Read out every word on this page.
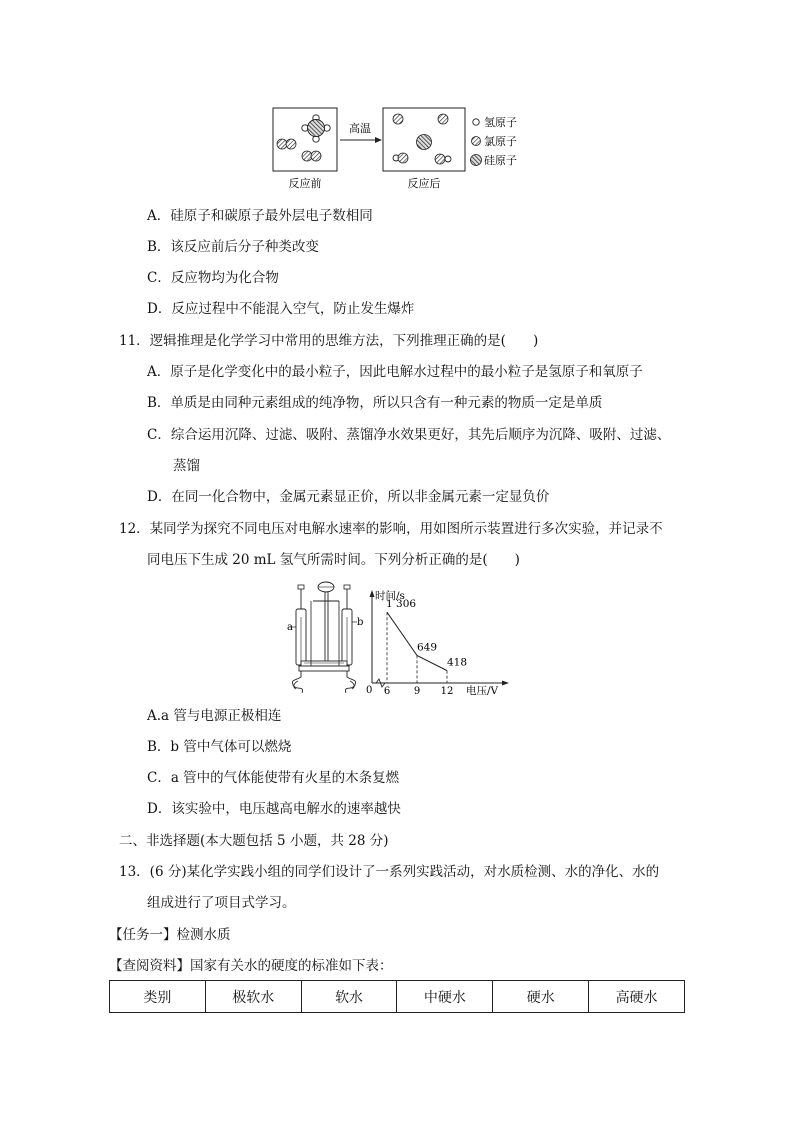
反应前
高温
反应后
氢原子
氯原子
硅原子
A．硅原子和碳原子最外层电子数相同
B．该反应前后分子种类改变
C．反应物均为化合物
D．反应过程中不能混入空气，防止发生爆炸
11．逻辑推理是化学学习中常用的思维方法，下列推理正确的是(　　)
A．原子是化学变化中的最小粒子，因此电解水过程中的最小粒子是氢原子和氧原子
B．单质是由同种元素组成的纯净物，所以只含有一种元素的物质一定是单质
C．综合运用沉降、过滤、吸附、蒸馏净水效果更好，其先后顺序为沉降、吸附、过滤、
蒸馏
D．在同一化合物中，金属元素显正价，所以非金属元素一定显负价
12．某同学为探究不同电压对电解水速率的影响，用如图所示装置进行多次实验，并记录不
同电压下生成 20 mL 氢气所需时间。下列分析正确的是(　　)
a	b
时间/s
电压/V
0 6
1 306
9
649
12
418
A.a 管与电源正极相连
B．b 管中气体可以燃烧
C．a 管中的气体能使带有火星的木条复燃
D．该实验中，电压越高电解水的速率越快
二、非选择题(本大题包括 5 小题，共 28 分)
13．(6 分)某化学实践小组的同学们设计了一系列实践活动，对水质检测、水的净化、水的
组成进行了项目式学习。
【任务一】检测水质
【查阅资料】国家有关水的硬度的标准如下表：
类别	极软水	软水	中硬水	硬水	高硬水
